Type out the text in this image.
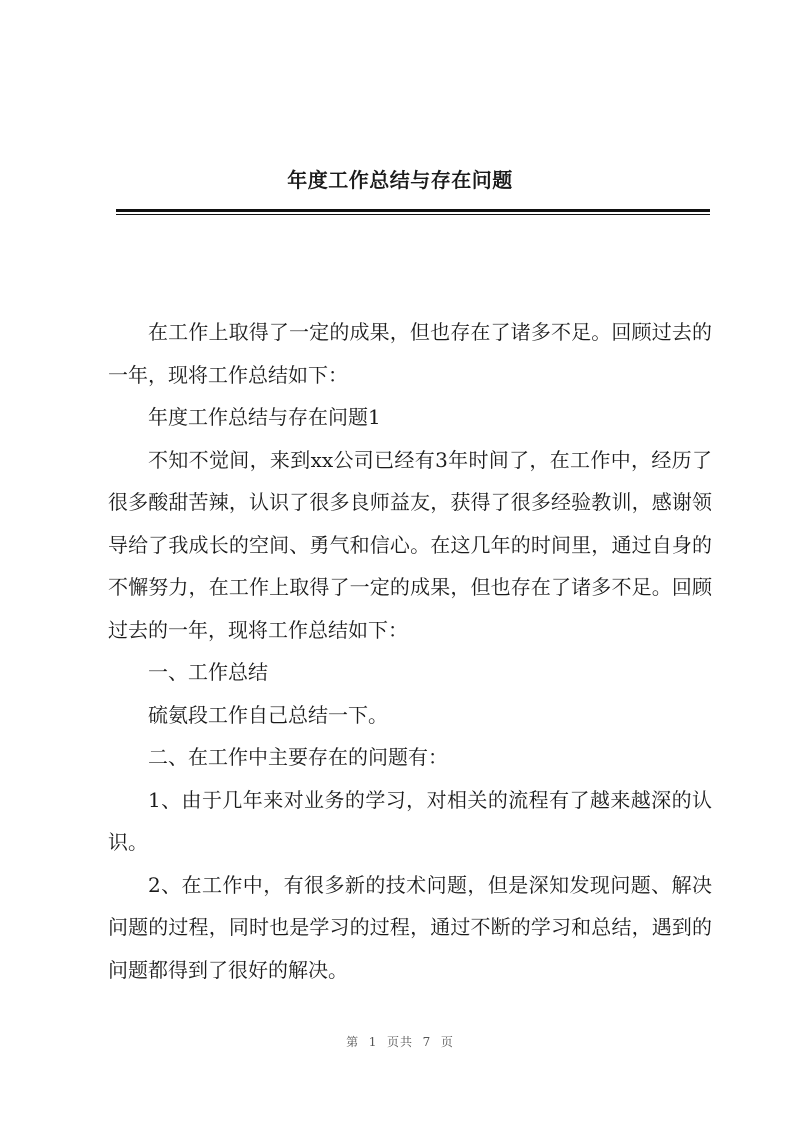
年度工作总结与存在问题

在工作上取得了一定的成果，但也存在了诸多不足。回顾过去的一年，现将工作总结如下：

年度工作总结与存在问题1

不知不觉间，来到xx公司已经有3年时间了，在工作中，经历了很多酸甜苦辣，认识了很多良师益友，获得了很多经验教训，感谢领导给了我成长的空间、勇气和信心。在这几年的时间里，通过自身的不懈努力，在工作上取得了一定的成果，但也存在了诸多不足。回顾过去的一年，现将工作总结如下：

一、工作总结

硫氨段工作自己总结一下。

二、在工作中主要存在的问题有：

1、由于几年来对业务的学习，对相关的流程有了越来越深的认识。

2、在工作中，有很多新的技术问题，但是深知发现问题、解决问题的过程，同时也是学习的过程，通过不断的学习和总结，遇到的问题都得到了很好的解决。

第  1  页共  7  页
